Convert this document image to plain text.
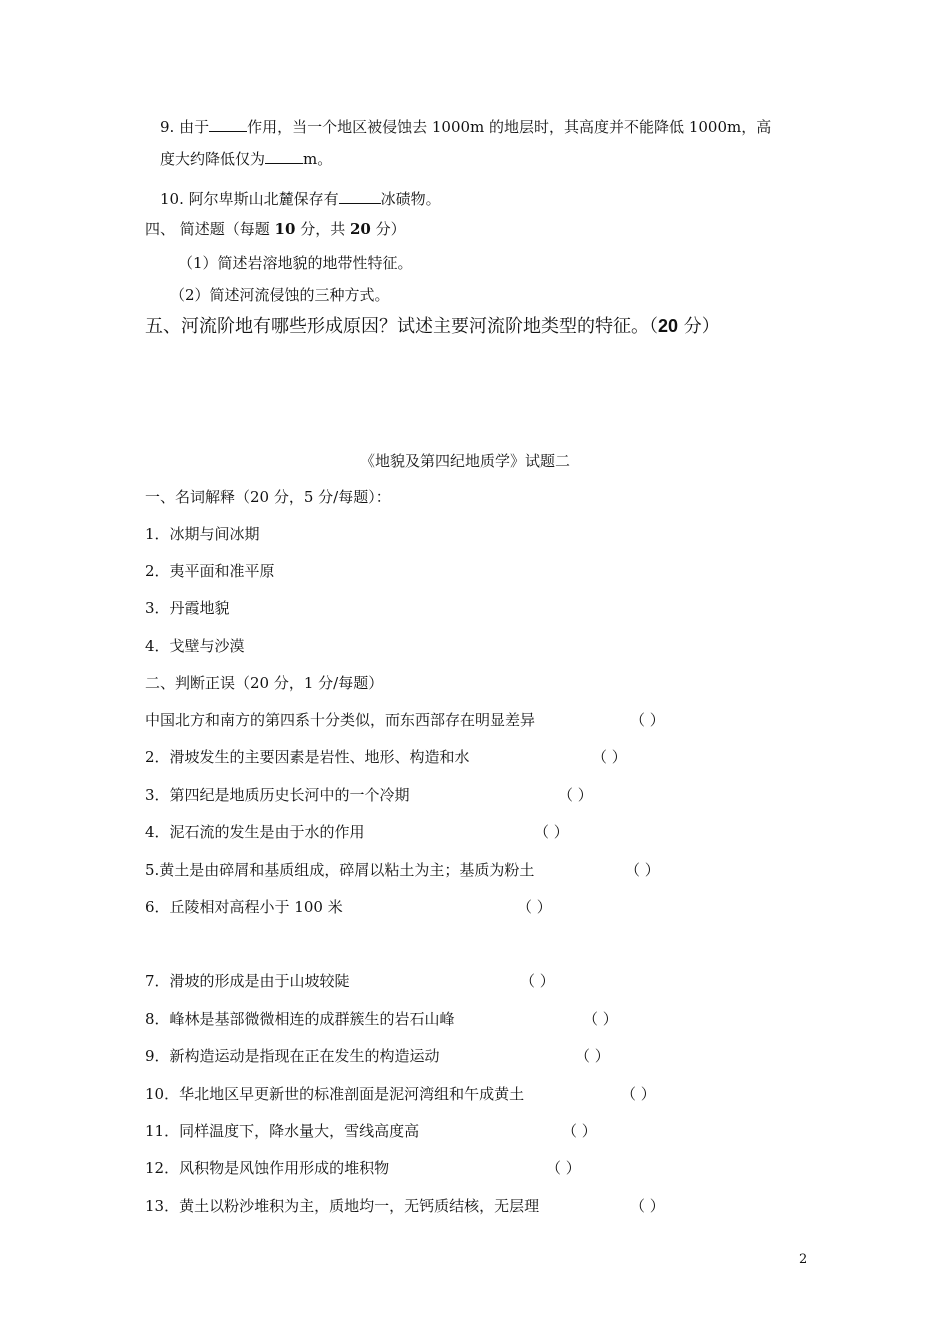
9. 由于	作用，当一个地区被侵蚀去 1000m 的地层时，其高度并不能降低 1000m，高
度大约降低仅为	m。
10. 阿尔卑斯山北麓保存有	冰碛物。
四、 简述题（每题 10 分，共 20 分）
（1）简述岩溶地貌的地带性特征。
（2）简述河流侵蚀的三种方式。
五、河流阶地有哪些形成原因？试述主要河流阶地类型的特征。（20 分）
《地貌及第四纪地质学》试题二
一、名词解释（20 分，5 分/每题）：
1．冰期与间冰期
2．夷平面和准平原
3．丹霞地貌
4．戈壁与沙漠
二、判断正误（20 分，1 分/每题）
中国北方和南方的第四系十分类似，而东西部存在明显差异	（ ）
2．滑坡发生的主要因素是岩性、地形、构造和水	（ ）
3．第四纪是地质历史长河中的一个冷期	（ ）
4．泥石流的发生是由于水的作用	（ ）
5.黄土是由碎屑和基质组成，碎屑以粘土为主；基质为粉土	（ ）
6．丘陵相对高程小于 100 米	（ ）
7．滑坡的形成是由于山坡较陡	（ ）
8．峰林是基部微微相连的成群簇生的岩石山峰	（ ）
9．新构造运动是指现在正在发生的构造运动	（ ）
10．华北地区早更新世的标准剖面是泥河湾组和午成黄土	（ ）
11．同样温度下，降水量大，雪线高度高	（ ）
12．风积物是风蚀作用形成的堆积物	（ ）
13．黄土以粉沙堆积为主，质地均一，无钙质结核，无层理	（ ）
2
